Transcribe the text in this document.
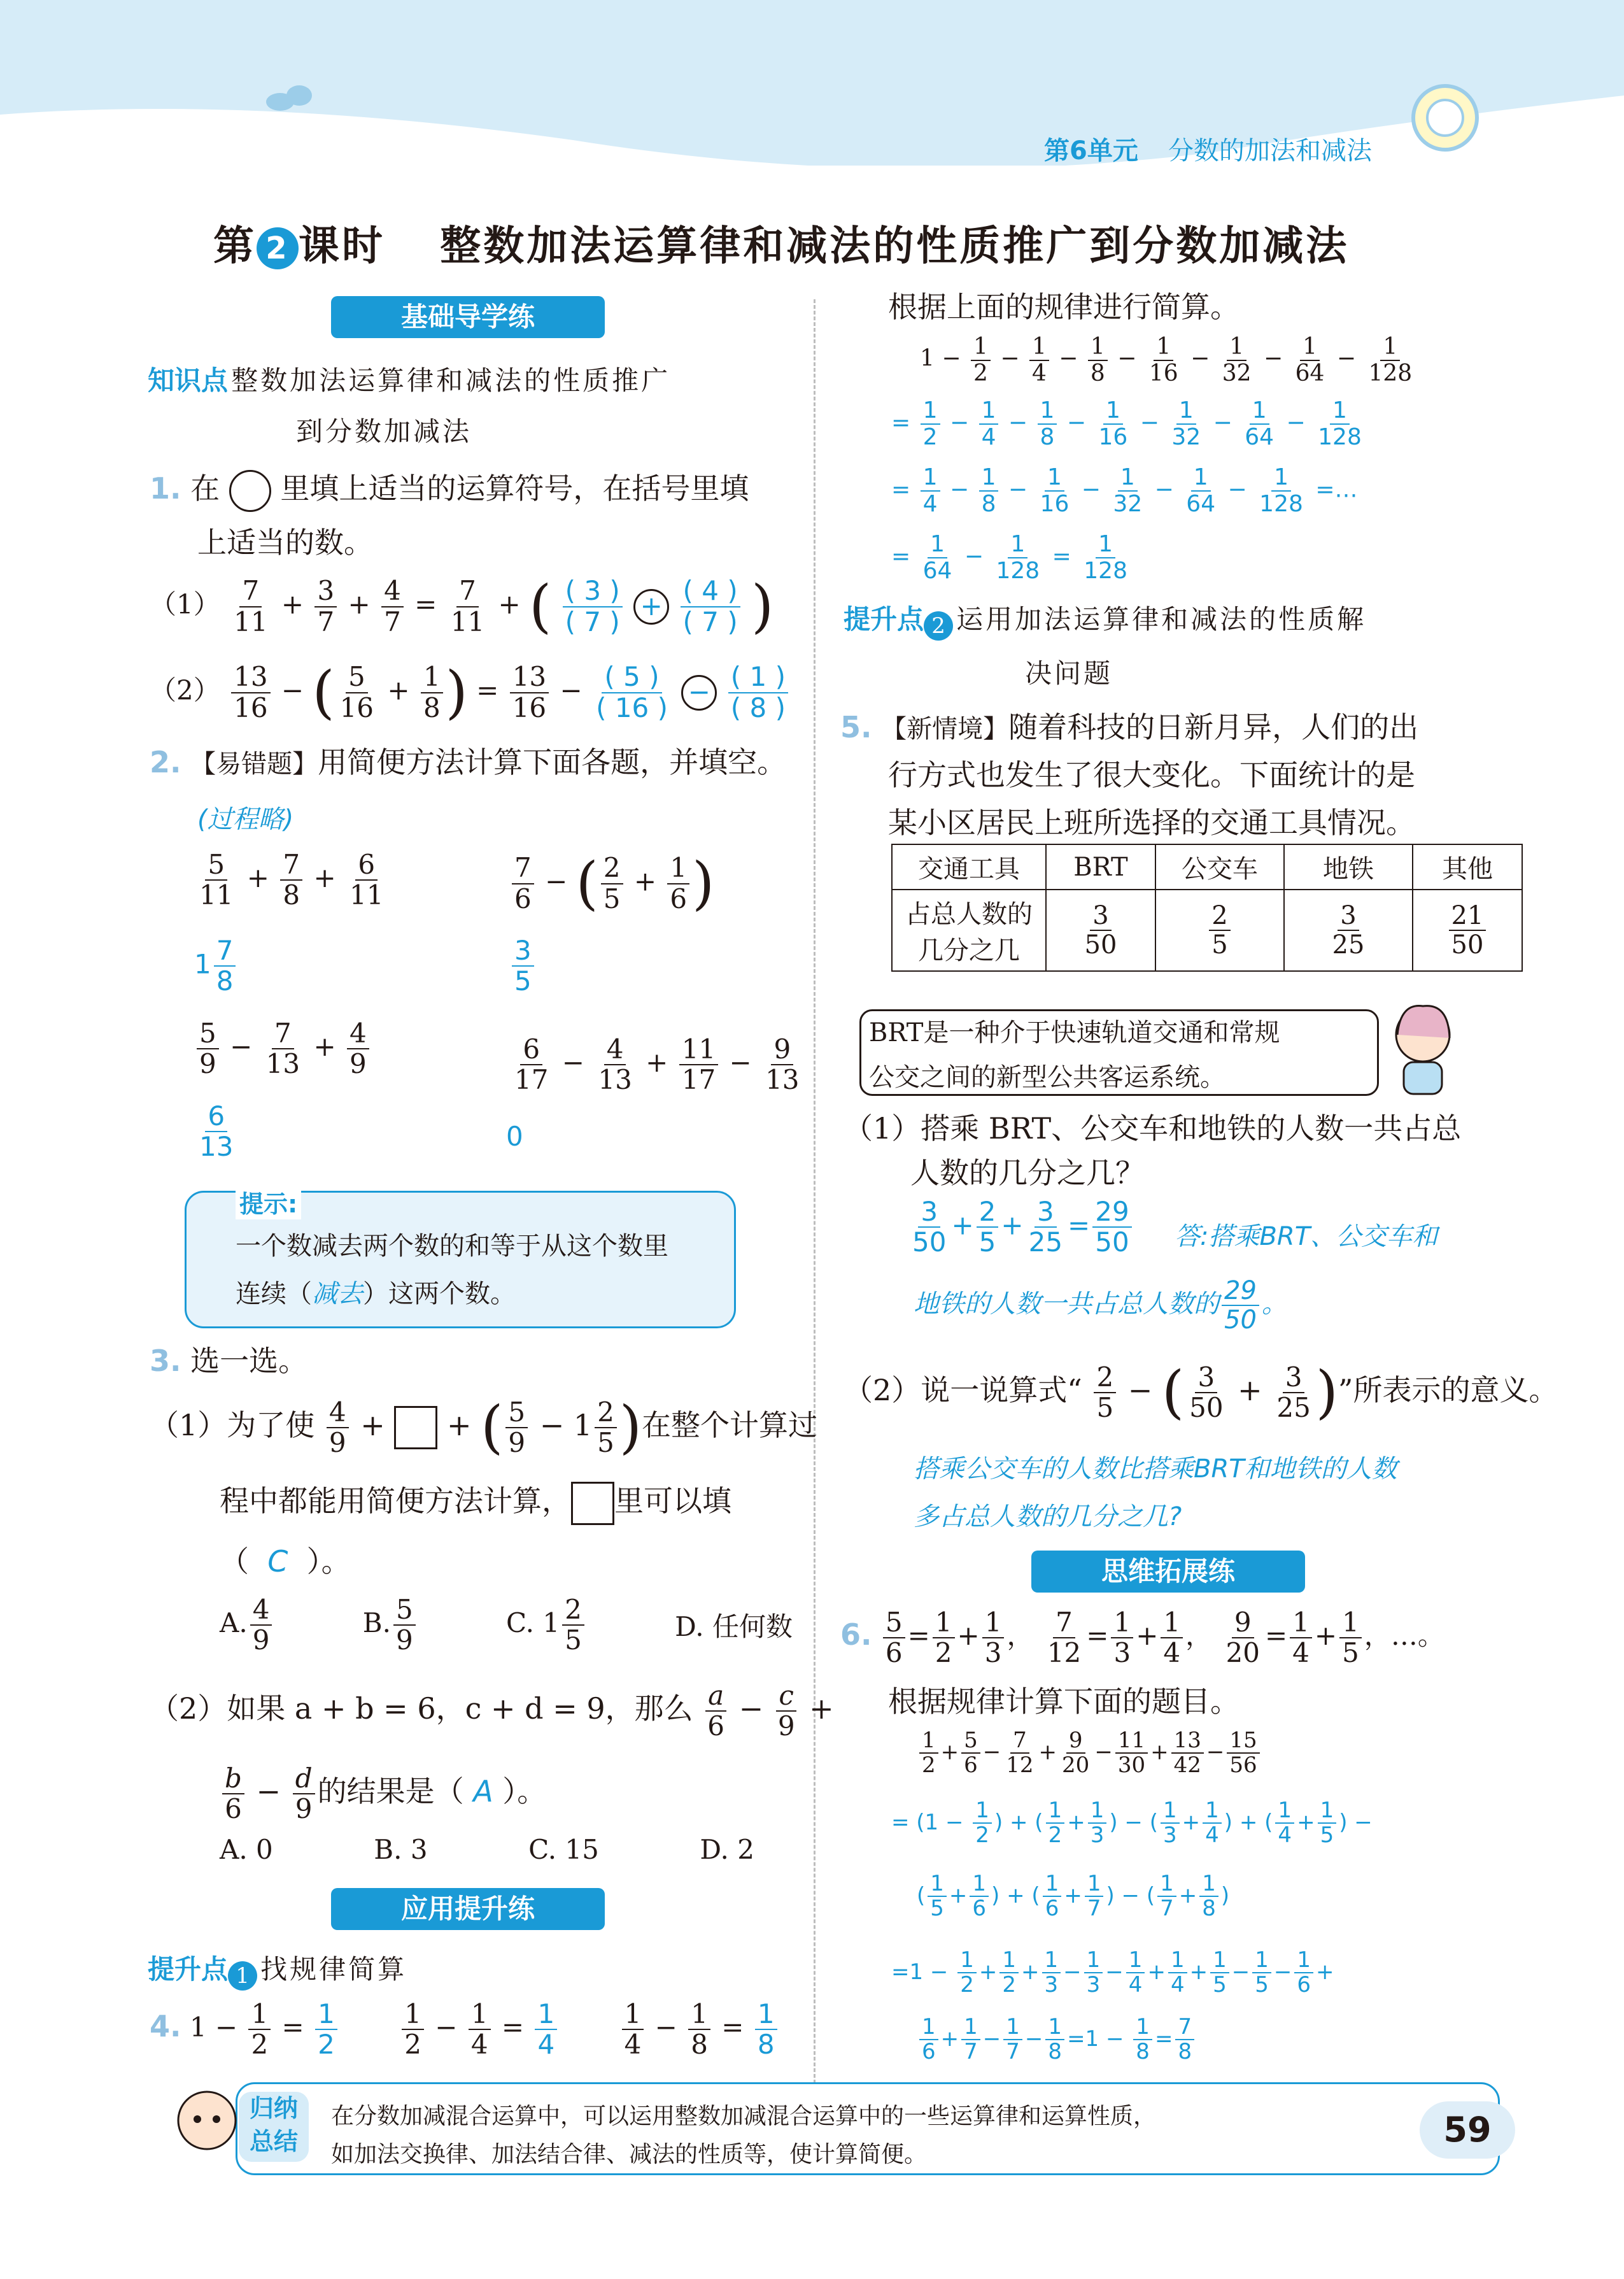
第6单元 分数的加法和减法
第 2 课时 整数加法运算律和减法的性质推广到分数加减法
基础导学练
知识点 整数加法运算律和减法的性质推广
到分数加减法
1. 在 里填上适当的运算符号，在括号里填
上适当的数。
$(1) \frac{7}{11} + \frac{3}{7} + \frac{4}{7} = \frac{7}{11}$ + ( $\frac{( 3 )}{( 7 )} + \frac{( 4 )}{( 7 )}$ )
$(2) \frac{13}{16}$ − ( $\frac{5}{16} + \frac{1}{8}$ ) = $\frac{13}{16} - \frac{( 5 )}{( 16 )} - \frac{( 1 )}{( 8 )}$
2. 【易错题】用简便方法计算下面各题，并填空。
(过程略)
$\frac{5}{11} + \frac{7}{8} + \frac{6}{11}$	$\frac{7}{6}$ − ( $\frac{2}{5} + \frac{1}{6}$ )
$1 \frac{7}{8}$	$\frac{3}{5}$
$\frac{5}{9} - \frac{7}{13} + \frac{4}{9}$	$\frac{6}{17} - \frac{4}{13} + \frac{11}{17} - \frac{9}{13}$
$\frac{6}{13}$	0
提示:
一个数减去两个数的和等于从这个数里
连续（减去）这两个数。
3. 选一选。
（1）为了使 $\frac{4}{9}$ +  + ( $\frac{5}{9} - 1 \frac{2}{5}$ )在整个计算过
程中都能用简便方法计算， 里可以填
（  C  ）。
A. $\frac{4}{9}$	B. $\frac{5}{9}$	C. $1 \frac{2}{5}$	D. 任何数
（2）如果 a + b = 6，c + d = 9，那么 $\frac{a}{6} - \frac{c}{9}$ +
$\frac{b}{6} - \frac{d}{9}$ 的结果是（ A ）。
A. 0	B. 3	C. 15	D. 2
应用提升练
提升点 1 找规律简算
4. $1 - \frac{1}{2} = \frac{1}{2}$
$\frac{1}{2} - \frac{1}{4} = \frac{1}{4}$
$\frac{1}{4} - \frac{1}{8} = \frac{1}{8}$
根据上面的规律进行简算。
$1 - \frac{1}{2} - \frac{1}{4} - \frac{1}{8} - \frac{1}{16} - \frac{1}{32} - \frac{1}{64} - \frac{1}{128}$
= $\frac{1}{2} - \frac{1}{4} - \frac{1}{8} - \frac{1}{16} - \frac{1}{32} - \frac{1}{64} - \frac{1}{128}$
= $\frac{1}{4} - \frac{1}{8} - \frac{1}{16} - \frac{1}{32} - \frac{1}{64} - \frac{1}{128}$ =…
= $\frac{1}{64} - \frac{1}{128} = \frac{1}{128}$
提升点 2 运用加法运算律和减法的性质解
决问题
5. 【新情境】随着科技的日新月异，人们的出
行方式也发生了很大变化。下面统计的是
某小区居民上班所选择的交通工具情况。
交通工具	BRT	公交车	地铁	其他
占总人数的
几分之几	$\frac{3}{50}$	$\frac{2}{5}$	$\frac{3}{25}$	$\frac{21}{50}$
BRT是一种介于快速轨道交通和常规
公交之间的新型公共客运系统。
（1）搭乘 BRT、公交车和地铁的人数一共占总
人数的几分之几？
$\frac{3}{50} + \frac{2}{5} + \frac{3}{25} = \frac{29}{50}$ 答:搭乘BRT、公交车和
地铁的人数一共占总人数的 $\frac{29}{50}$ 。
（2）说一说算式“ $\frac{2}{5}$ − ( $\frac{3}{50} + \frac{3}{25}$ )”所表示的意义。
搭乘公交车的人数比搭乘BRT和地铁的人数
多占总人数的几分之几?
思维拓展练
6. $\frac{5}{6} = \frac{1}{2} + \frac{1}{3}$ ， $\frac{7}{12} = \frac{1}{3} + \frac{1}{4}$ ， $\frac{9}{20} = \frac{1}{4} + \frac{1}{5}$ ，…。
根据规律计算下面的题目。
$\frac{1}{2} + \frac{5}{6} - \frac{7}{12} + \frac{9}{20} - \frac{11}{30} + \frac{13}{42} - \frac{15}{56}$
= ($1 - \frac{1}{2}$ ) + ( $\frac{1}{2} + \frac{1}{3}$ ) − ( $\frac{1}{3} + \frac{1}{4}$ ) + ( $\frac{1}{4} + \frac{1}{5}$ ) −
( $\frac{1}{5} + \frac{1}{6}$ ) + ( $\frac{1}{6} + \frac{1}{7}$ ) − ( $\frac{1}{7} + \frac{1}{8}$ )
$=1 - \frac{1}{2} + \frac{1}{2} + \frac{1}{3} - \frac{1}{3} - \frac{1}{4} + \frac{1}{4} + \frac{1}{5} - \frac{1}{5} - \frac{1}{6}$ +
$\frac{1}{6} + \frac{1}{7} - \frac{1}{7} - \frac{1}{8} =1 - \frac{1}{8} = \frac{7}{8}$
归纳
总结
在分数加减混合运算中，可以运用整数加减混合运算中的一些运算律和运算性质，
如加法交换律、加法结合律、减法的性质等，使计算简便。
59
